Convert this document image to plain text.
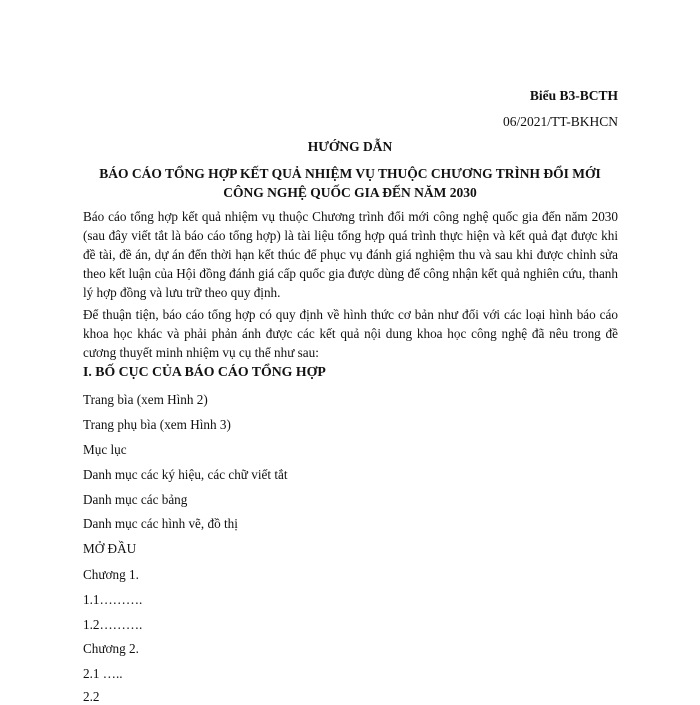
Biểu B3-BCTH
06/2021/TT-BKHCN
HƯỚNG DẪN
BÁO CÁO TỔNG HỢP KẾT QUẢ NHIỆM VỤ THUỘC CHƯƠNG TRÌNH ĐỔI MỚI CÔNG NGHỆ QUỐC GIA ĐẾN NĂM 2030
Báo cáo tổng hợp kết quả nhiệm vụ thuộc Chương trình đổi mới công nghệ quốc gia đến năm 2030 (sau đây viết tắt là báo cáo tổng hợp) là tài liệu tổng hợp quá trình thực hiện và kết quả đạt được khi đề tài, đề án, dự án đến thời hạn kết thúc để phục vụ đánh giá nghiệm thu và sau khi được chỉnh sửa theo kết luận của Hội đồng đánh giá cấp quốc gia được dùng để công nhận kết quả nghiên cứu, thanh lý hợp đồng và lưu trữ theo quy định.
Để thuận tiện, báo cáo tổng hợp có quy định về hình thức cơ bản như đối với các loại hình báo cáo khoa học khác và phải phản ánh được các kết quả nội dung khoa học công nghệ đã nêu trong đề cương thuyết minh nhiệm vụ cụ thể như sau:
I. BỐ CỤC CỦA BÁO CÁO TỔNG HỢP
Trang bìa (xem Hình 2)
Trang phụ bìa (xem Hình 3)
Mục lục
Danh mục các ký hiệu, các chữ viết tắt
Danh mục các bảng
Danh mục các hình vẽ, đồ thị
MỞ ĐẦU
Chương 1.
1.1……….
1.2……….
Chương 2.
2.1 …..
2.2
